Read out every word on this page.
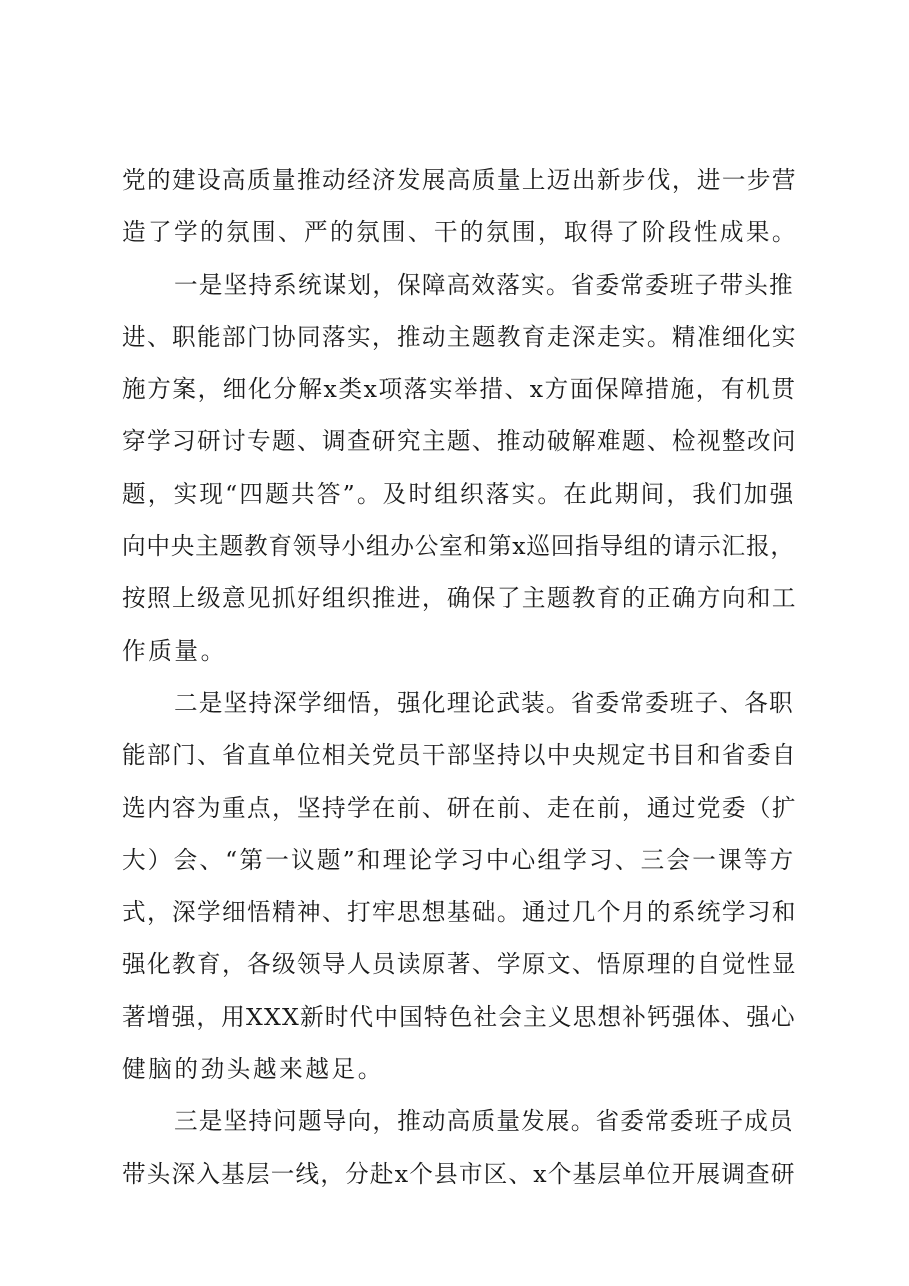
党的建设高质量推动经济发展高质量上迈出新步伐，进一步营
造了学的氛围、严的氛围、干的氛围，取得了阶段性成果。

一是坚持系统谋划，保障高效落实。省委常委班子带头推
进、职能部门协同落实，推动主题教育走深走实。精准细化实
施方案，细化分解x类x项落实举措、x方面保障措施，有机贯
穿学习研讨专题、调查研究主题、推动破解难题、检视整改问
题，实现“四题共答”。及时组织落实。在此期间，我们加强
向中央主题教育领导小组办公室和第x巡回指导组的请示汇报，
按照上级意见抓好组织推进，确保了主题教育的正确方向和工
作质量。

二是坚持深学细悟，强化理论武装。省委常委班子、各职
能部门、省直单位相关党员干部坚持以中央规定书目和省委自
选内容为重点，坚持学在前、研在前、走在前，通过党委（扩
大）会、“第一议题”和理论学习中心组学习、三会一课等方
式，深学细悟精神、打牢思想基础。通过几个月的系统学习和
强化教育，各级领导人员读原著、学原文、悟原理的自觉性显
著增强，用XXX新时代中国特色社会主义思想补钙强体、强心
健脑的劲头越来越足。

三是坚持问题导向，推动高质量发展。省委常委班子成员
带头深入基层一线，分赴x个县市区、x个基层单位开展调查研
